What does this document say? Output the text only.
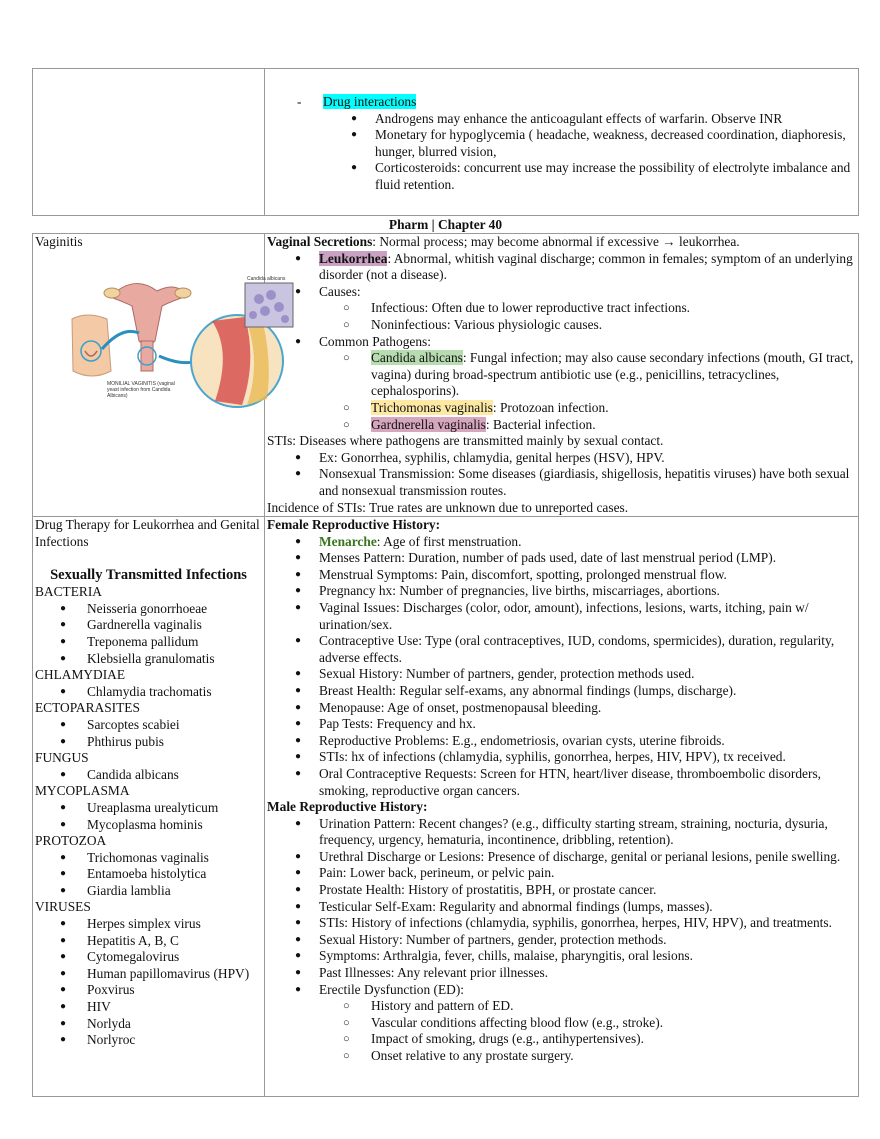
- Drug interactions
● Androgens may enhance the anticoagulant effects of warfarin. Observe INR
● Monetary for hypoglycemia ( headache, weakness, decreased coordination, diaphoresis, hunger, blurred vision,
● Corticosteroids: concurrent use may increase the possibility of electrolyte imbalance and fluid retention.
Pharm | Chapter 40
Vaginitis
Candida albicans
MONILIAL VAGINITIS (vaginal yeast infection from Candida Albicans)
Vaginal Secretions: Normal process; may become abnormal if excessive → leukorrhea.
● Leukorrhea: Abnormal, whitish vaginal discharge; common in females; symptom of an underlying disorder (not a disease).
● Causes:
○ Infectious: Often due to lower reproductive tract infections.
○ Noninfectious: Various physiologic causes.
● Common Pathogens:
○ Candida albicans: Fungal infection; may also cause secondary infections (mouth, GI tract, vagina) during broad-spectrum antibiotic use (e.g., penicillins, tetracyclines, cephalosporins).
○ Trichomonas vaginalis: Protozoan infection.
○ Gardnerella vaginalis: Bacterial infection.
STIs: Diseases where pathogens are transmitted mainly by sexual contact.
● Ex: Gonorrhea, syphilis, chlamydia, genital herpes (HSV), HPV.
● Nonsexual Transmission: Some diseases (giardiasis, shigellosis, hepatitis viruses) have both sexual and nonsexual transmission routes.
Incidence of STIs: True rates are unknown due to unreported cases.
Drug Therapy for Leukorrhea and Genital Infections
Sexually Transmitted Infections
BACTERIA
● Neisseria gonorrhoeae
● Gardnerella vaginalis
● Treponema pallidum
● Klebsiella granulomatis
CHLAMYDIAE
● Chlamydia trachomatis
ECTOPARASITES
● Sarcoptes scabiei
● Phthirus pubis
FUNGUS
● Candida albicans
MYCOPLASMA
● Ureaplasma urealyticum
● Mycoplasma hominis
PROTOZOA
● Trichomonas vaginalis
● Entamoeba histolytica
● Giardia lamblia
VIRUSES
● Herpes simplex virus
● Hepatitis A, B, C
● Cytomegalovirus
● Human papillomavirus (HPV)
● Poxvirus
● HIV
● Norlyda
● Norlyroc
Female Reproductive History:
● Menarche: Age of first menstruation.
● Menses Pattern: Duration, number of pads used, date of last menstrual period (LMP).
● Menstrual Symptoms: Pain, discomfort, spotting, prolonged menstrual flow.
● Pregnancy hx: Number of pregnancies, live births, miscarriages, abortions.
● Vaginal Issues: Discharges (color, odor, amount), infections, lesions, warts, itching, pain w/ urination/sex.
● Contraceptive Use: Type (oral contraceptives, IUD, condoms, spermicides), duration, regularity, adverse effects.
● Sexual History: Number of partners, gender, protection methods used.
● Breast Health: Regular self-exams, any abnormal findings (lumps, discharge).
● Menopause: Age of onset, postmenopausal bleeding.
● Pap Tests: Frequency and hx.
● Reproductive Problems: E.g., endometriosis, ovarian cysts, uterine fibroids.
● STIs: hx of infections (chlamydia, syphilis, gonorrhea, herpes, HIV, HPV), tx received.
● Oral Contraceptive Requests: Screen for HTN, heart/liver disease, thromboembolic disorders, smoking, reproductive organ cancers.
Male Reproductive History:
● Urination Pattern: Recent changes? (e.g., difficulty starting stream, straining, nocturia, dysuria, frequency, urgency, hematuria, incontinence, dribbling, retention).
● Urethral Discharge or Lesions: Presence of discharge, genital or perianal lesions, penile swelling.
● Pain: Lower back, perineum, or pelvic pain.
● Prostate Health: History of prostatitis, BPH, or prostate cancer.
● Testicular Self-Exam: Regularity and abnormal findings (lumps, masses).
● STIs: History of infections (chlamydia, syphilis, gonorrhea, herpes, HIV, HPV), and treatments.
● Sexual History: Number of partners, gender, protection methods.
● Symptoms: Arthralgia, fever, chills, malaise, pharyngitis, oral lesions.
● Past Illnesses: Any relevant prior illnesses.
● Erectile Dysfunction (ED):
○ History and pattern of ED.
○ Vascular conditions affecting blood flow (e.g., stroke).
○ Impact of smoking, drugs (e.g., antihypertensives).
○ Onset relative to any prostate surgery.
